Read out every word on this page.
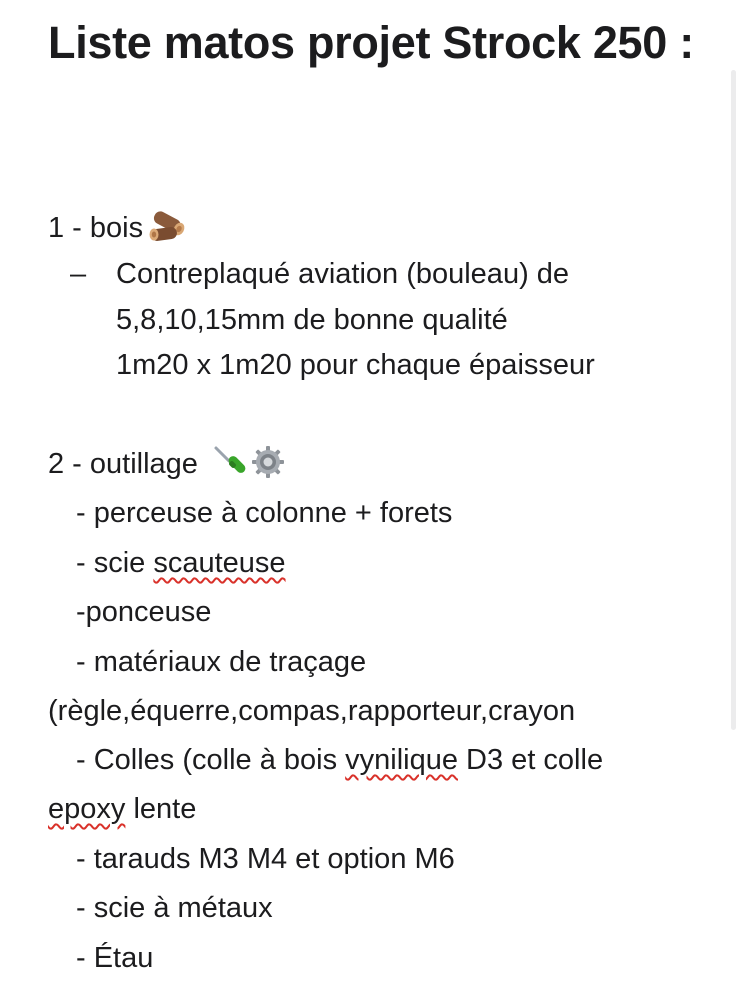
Liste matos projet Strock 250 :
1 - bois
– Contreplaqué aviation (bouleau) de
5,8,10,15mm de bonne qualité
1m20 x 1m20 pour chaque épaisseur
2 - outillage
- perceuse à colonne + forets
- scie scauteuse
-ponceuse
- matériaux de traçage
(règle,équerre,compas,rapporteur,crayon
- Colles (colle à bois vynilique D3 et colle
epoxy lente
- tarauds M3 M4 et option M6
- scie à métaux
- Étau
